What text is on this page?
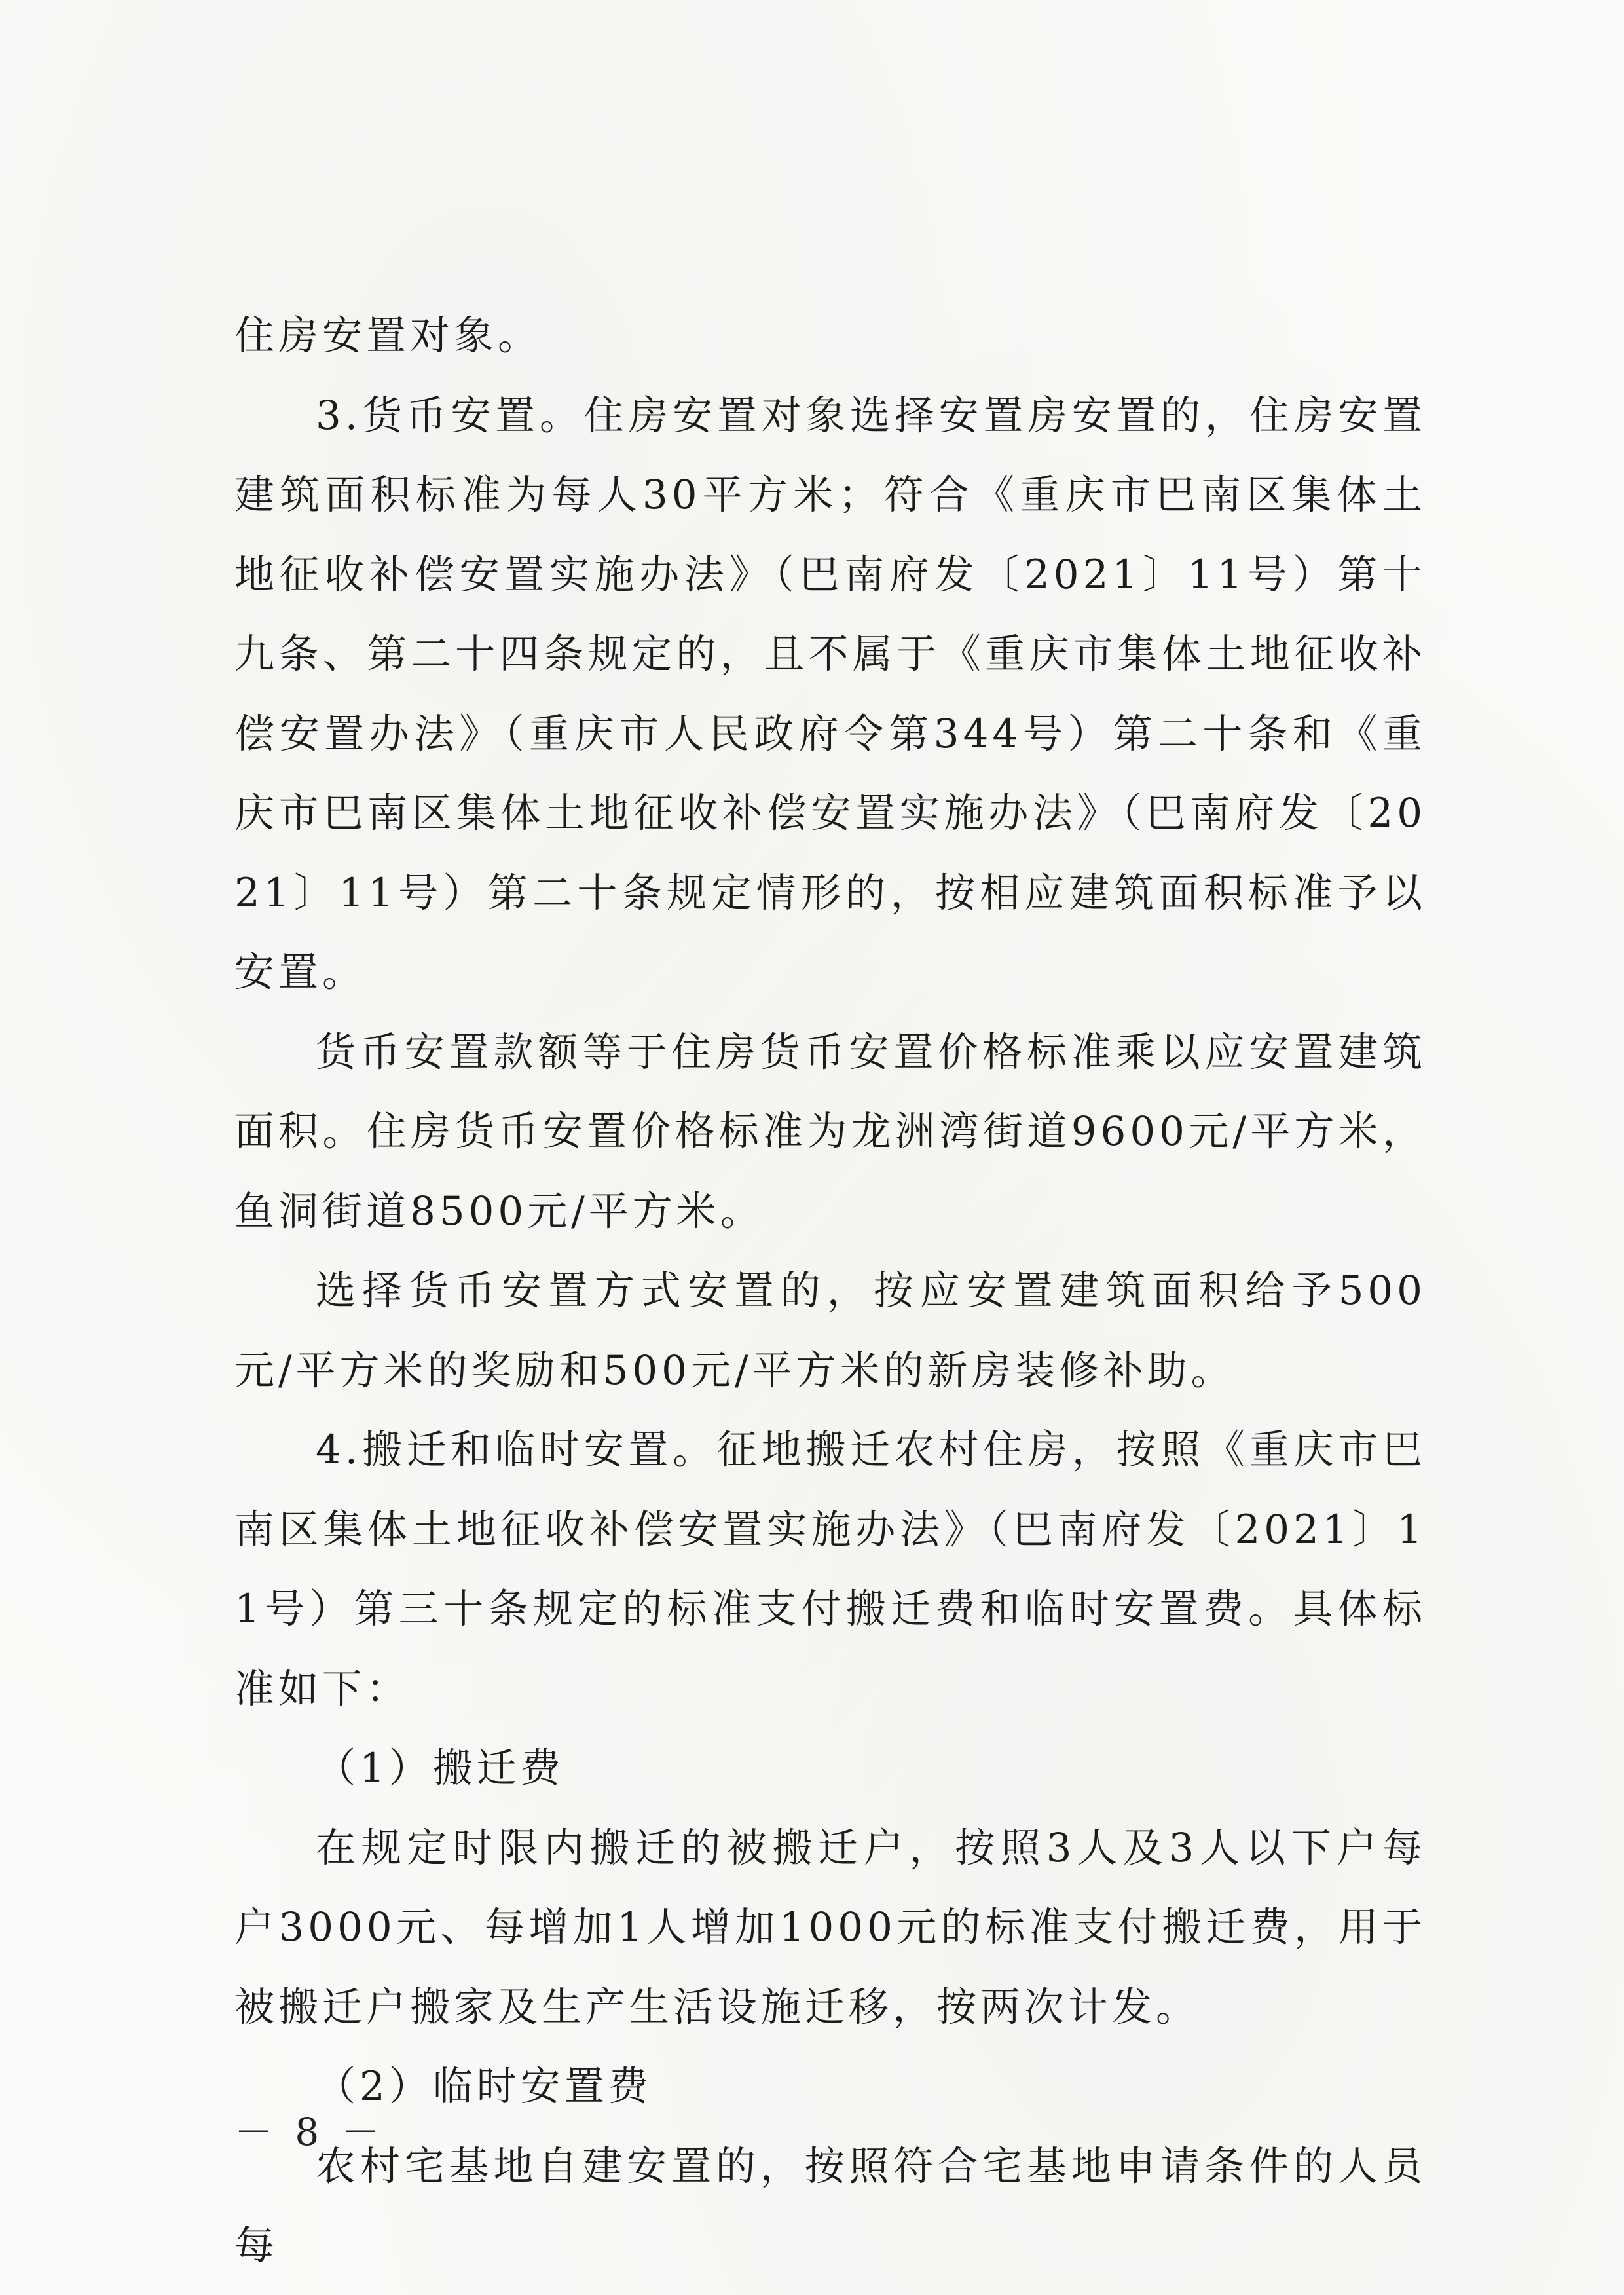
住房安置对象。

3.货币安置。住房安置对象选择安置房安置的，住房安置建筑面积标准为每人30平方米；符合《重庆市巴南区集体土地征收补偿安置实施办法》（巴南府发〔2021〕11号）第十九条、第二十四条规定的，且不属于《重庆市集体土地征收补偿安置办法》（重庆市人民政府令第344号）第二十条和《重庆市巴南区集体土地征收补偿安置实施办法》（巴南府发〔2021〕11号）第二十条规定情形的，按相应建筑面积标准予以安置。

货币安置款额等于住房货币安置价格标准乘以应安置建筑面积。住房货币安置价格标准为龙洲湾街道9600元/平方米，鱼洞街道8500元/平方米。

选择货币安置方式安置的，按应安置建筑面积给予500元/平方米的奖励和500元/平方米的新房装修补助。

4.搬迁和临时安置。征地搬迁农村住房，按照《重庆市巴南区集体土地征收补偿安置实施办法》（巴南府发〔2021〕11号）第三十条规定的标准支付搬迁费和临时安置费。具体标准如下：

（1）搬迁费

在规定时限内搬迁的被搬迁户，按照3人及3人以下户每户3000元、每增加1人增加1000元的标准支付搬迁费，用于被搬迁户搬家及生产生活设施迁移，按两次计发。

（2）临时安置费

农村宅基地自建安置的，按照符合宅基地申请条件的人员每

－ 8 －
